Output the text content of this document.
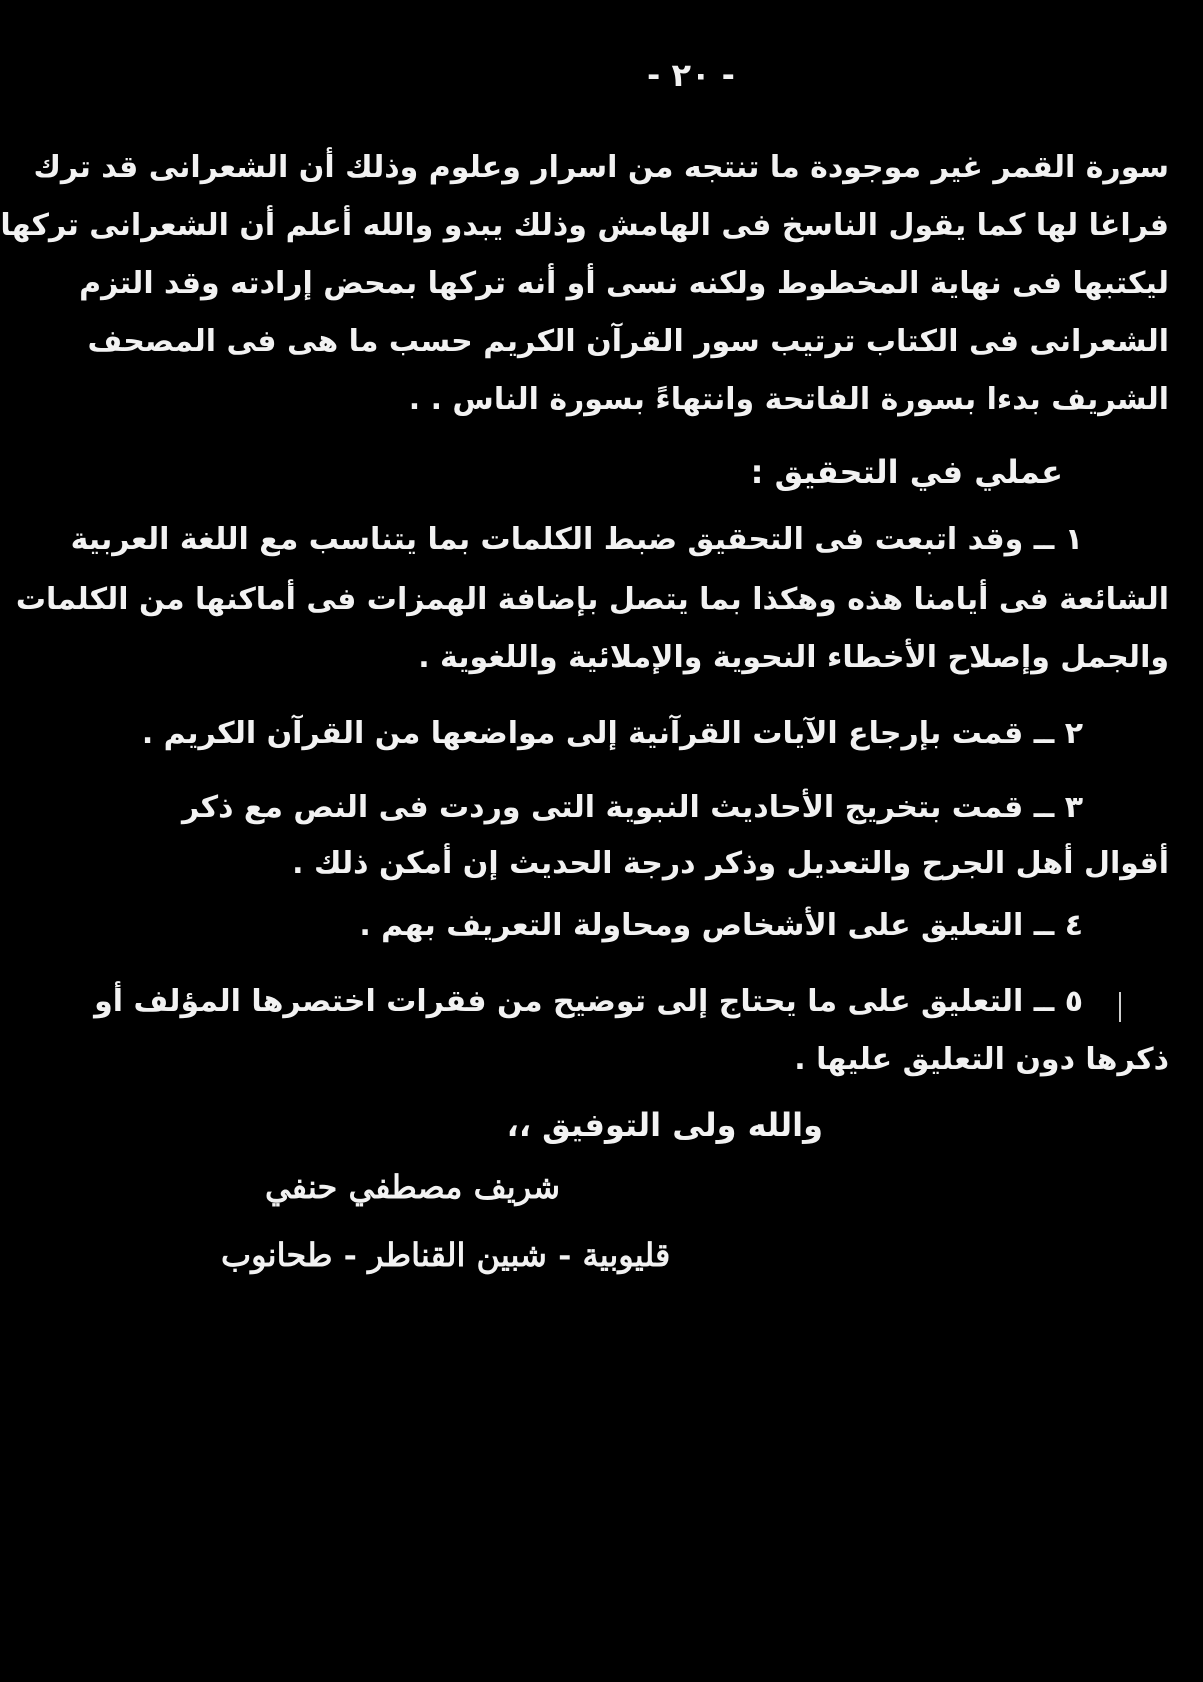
- ٢٠ -
سورة القمر غير موجودة ما تنتجه من اسرار وعلوم وذلك أن الشعرانى قد ترك
فراغا لها كما يقول الناسخ فى الهامش وذلك يبدو والله أعلم أن الشعرانى تركها
ليكتبها فى نهاية المخطوط ولكنه نسى أو أنه تركها بمحض إرادته وقد التزم
الشعرانى فى الكتاب ترتيب سور القرآن الكريم حسب ما هى فى المصحف
الشريف بدءا بسورة الفاتحة وانتهاءً بسورة الناس . .
عملي في التحقيق :
١ ــ وقد اتبعت فى التحقيق ضبط الكلمات بما يتناسب مع اللغة العربية
الشائعة فى أيامنا هذه وهكذا بما يتصل بإضافة الهمزات فى أماكنها من الكلمات
والجمل وإصلاح الأخطاء النحوية والإملائية واللغوية .
٢ ــ قمت بإرجاع الآيات القرآنية إلى مواضعها من القرآن الكريم .
٣ ــ قمت بتخريج الأحاديث النبوية التى وردت فى النص مع ذكر
أقوال أهل الجرح والتعديل وذكر درجة الحديث إن أمكن ذلك .
٤ ــ التعليق على الأشخاص ومحاولة التعريف بهم .
٥ ــ التعليق على ما يحتاج إلى توضيح من فقرات اختصرها المؤلف أو
ذكرها دون التعليق عليها .
والله ولى التوفيق ،،
شريف مصطفي حنفي
قليوبية - شبين القناطر - طحانوب
